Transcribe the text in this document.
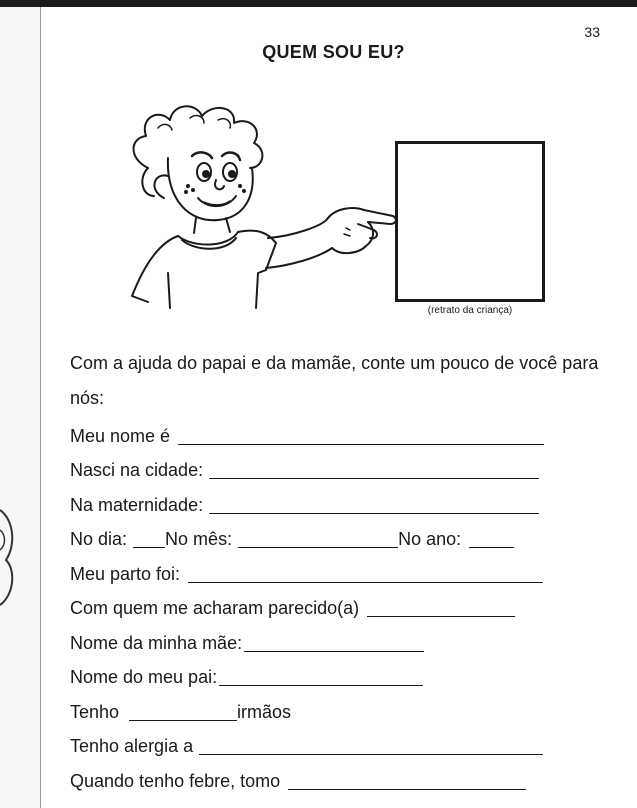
33
QUEM SOU EU?
(retrato da criança)
Com a ajuda do papai e da mamãe, conte um pouco de você para nós:
Meu nome é
Nasci na cidade:
Na maternidade:
No dia: No mês:	No ano:
Meu parto foi:
Com quem me acharam parecido(a)
Nome da minha mãe:
Nome do meu pai:
Tenho	irmãos
Tenho alergia a
Quando tenho febre, tomo
